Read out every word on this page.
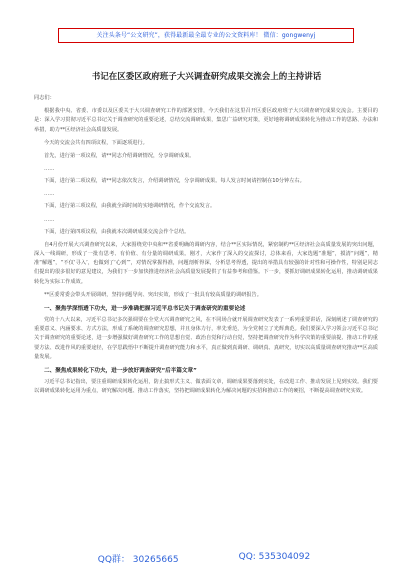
关注头条号“公文研究”，获得最新最全最专业的公文资料库！ 微信：gongwenyj
书记在区委区政府班子大兴调查研究成果交流会上的主持讲话

同志们：

根据我中央、省委、市委以及区委关于大兴调查研究工作的部署安排，今天我们在这里召开区委区政府班子大兴调查研究成果交流会。主要目的是：深入学习贯彻习近平总书记关于调查研究的重要论述，总结交流调研成果，集思广益研究对策，更好地将调研成果转化为推动工作的思路、办法和举措，助力**区经济社会高质量发展。

今天的交流会共有四项议程，下面逐项进行。

首先，进行第一项议程，请**同志介绍调研情况，分享调研成果。

……

下面，进行第二项议程，请**同志依次发言，介绍调研情况，分享调研成果。每人发言时间请控制在10分钟左右。

……

下面，进行第三项议程，由我就全面时间的实地调研情况，作个交流发言。

……

下面，进行第四项议程，由我就本次调研成果交流会作个总结。

自4月份开展大兴调查研究以来，大家围绕党中央和**省委明确的调研内容，结合**区实际情况，紧密制约**区经济社会高质量发展的突出问题，深入一线调研，形成了一批有思考、有价值、有分量的调研成果。刚才，大家作了深入的交流探讨，总体来看，大家选题“准题”，摸清“问题”，精准“解题”，“不仅‘寻入’，也做到了‘心到’”，对情况掌握得准，问题剖析得深，分析思考得透，提出的举措具有较强的针对性和可操作性，特别是同志们提出的很多很好的意见建议，为我们下一步加快推进经济社会高质量发展提供了有益参考和借鉴。下一步，要抓好调研成果转化运用，推动调研成果转化为实际工作成效。

**区委常委会带头开展调研，坚持问题导向、突出实效，形成了一批具有较高质量的调研报告。

一、聚焦学深悟透下功夫，进一步准确把握习近平总书记关于调查研究的重要论述

党的十八大以来，习近平总书记多次强调要在全党大兴调查研究之风，在不同场合就开展调查研究发表了一系列重要讲话，深刻阐述了调查研究的重要意义、内涵要求、方式方法，形成了系统的调查研究思想，并且身体力行，率先垂范，为全党树立了光辉典范。我们要深入学习领会习近平总书记关于调查研究的重要论述，进一步增强做好调查研究工作的思想自觉、政治自觉和行动自觉，坚持把调查研究作为科学决策的重要前提、推动工作的重要方法、改进作风的重要途径，在学思践悟中不断提升调查研究能力和水平，真正做到真调研、调研真、真研究，切实以高质量调查研究推动**区高质量发展。

二、聚焦成果转化下功夫，进一步放好调查研究“后半篇文章”

习近平总书记指出，要注重调研成果转化运用，防止搞形式主义、做表面文章，调研成果要落到实处，在改进工作、推动发展上见到实效。我们要以调研成果转化运用为重点，研究解决问题、推动工作落实，坚持把调研成果转化为解决问题的实招和推动工作的硬招，不断提高调查研究实效。

QQ群： 30265665	QQ: 535304092
